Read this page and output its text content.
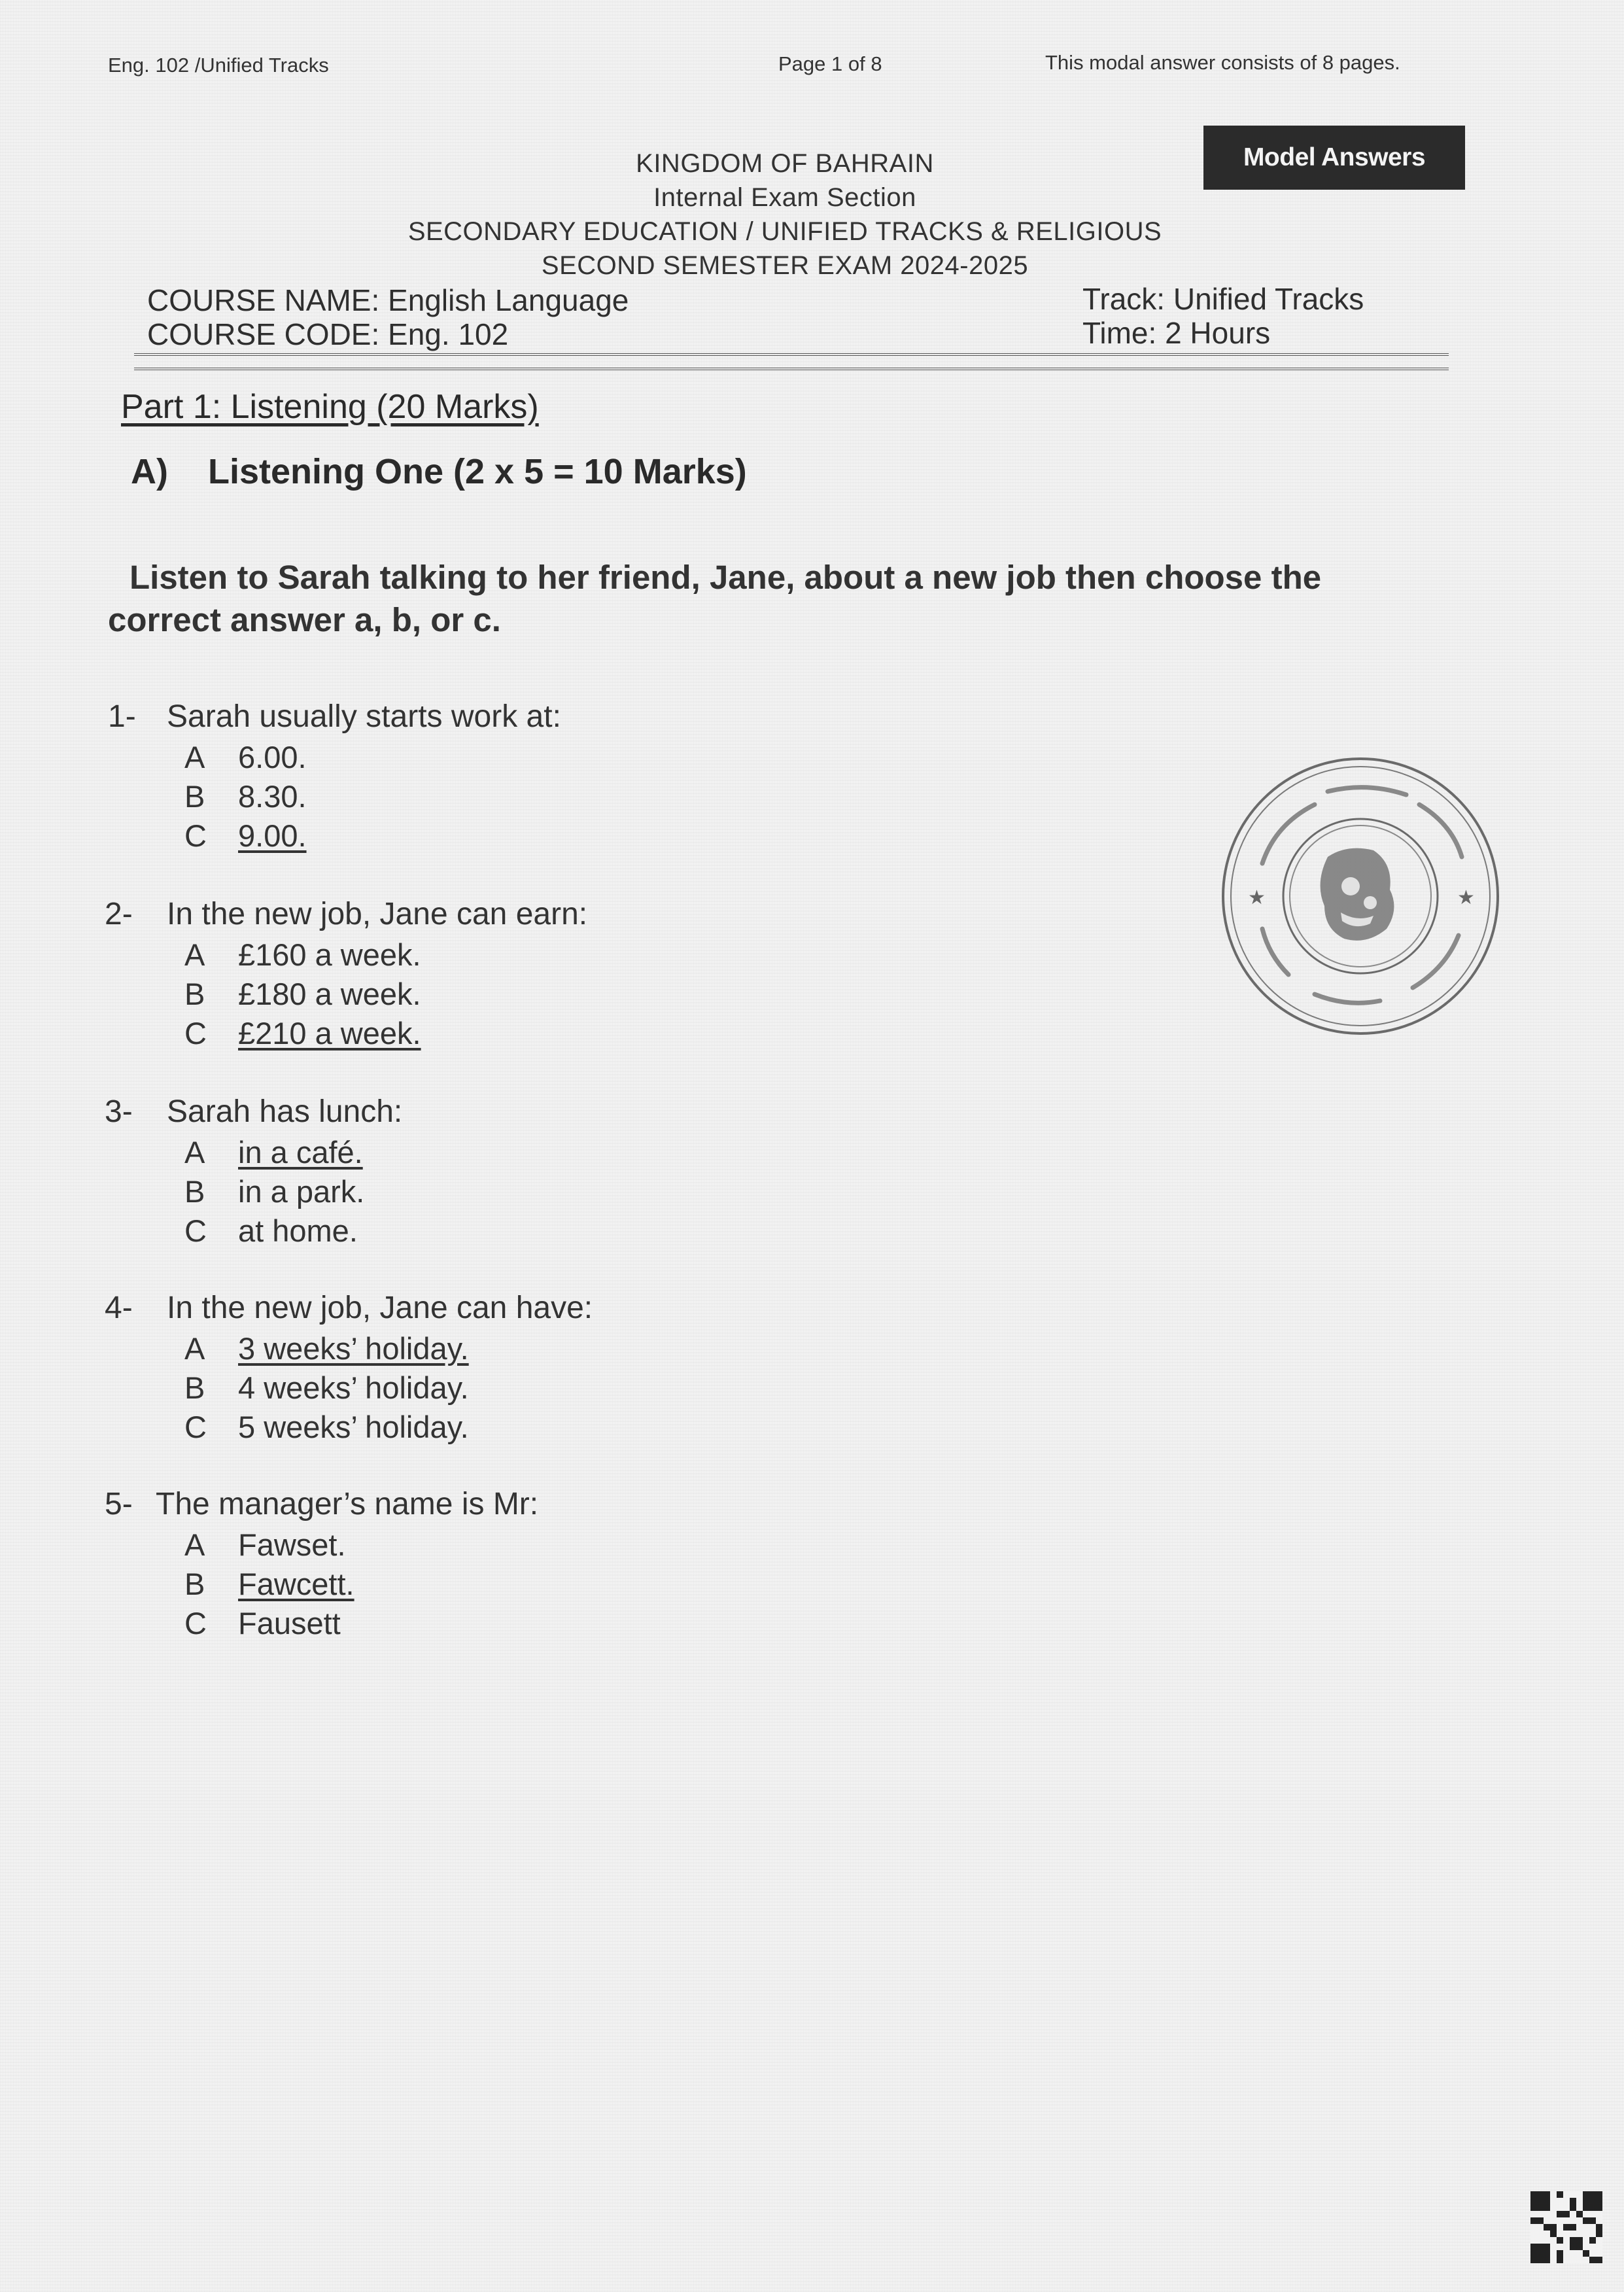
Eng. 102 /Unified Tracks	Page 1 of 8	This modal answer consists of 8 pages.
Model Answers
KINGDOM OF BAHRAIN
Internal Exam Section
SECONDARY EDUCATION / UNIFIED TRACKS & RELIGIOUS
SECOND SEMESTER EXAM 2024-2025
COURSE NAME: English Language
COURSE CODE: Eng. 102
Track: Unified Tracks
Time: 2 Hours
Part 1: Listening (20 Marks)
A) Listening One (2 x 5 = 10 Marks)
Listen to Sarah talking to her friend, Jane, about a new job then choose the
correct answer a, b, or c.
1- Sarah usually starts work at:
A 6.00.
B 8.30.
C 9.00.
2- In the new job, Jane can earn:
A £160 a week.
B £180 a week.
C £210 a week.
3- Sarah has lunch:
A in a café.
B in a park.
C at home.
4- In the new job, Jane can have:
A 3 weeks’ holiday.
B 4 weeks’ holiday.
C 5 weeks’ holiday.
5- The manager’s name is Mr:
A Fawset.
B Fawcett.
C Fausett
★	★
